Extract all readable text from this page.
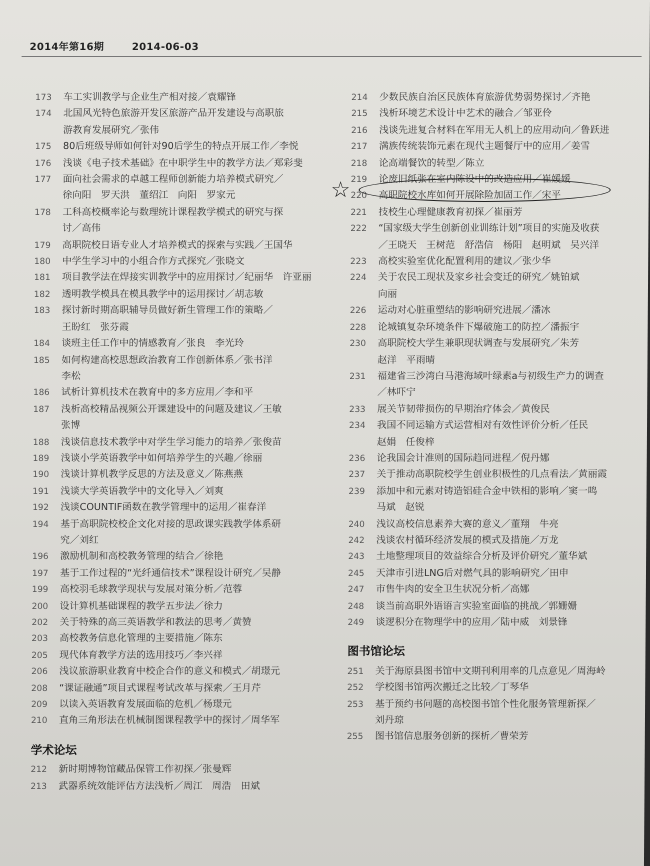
2014年第16期	2014-06-03
173	车工实训教学与企业生产相对接／袁耀锋
174	北国风光特色旅游开发区旅游产品开发建设与高职旅
游教育发展研究／张伟
175	80后班级导师如何针对90后学生的特点开展工作／李悦
176	浅谈《电子技术基础》在中职学生中的教学方法／郑彩斐
177	面向社会需求的卓越工程师创新能力培养模式研究／
徐向阳　罗天洪　董绍江　向阳　罗家元
178	工科高校概率论与数理统计课程教学模式的研究与探
讨／高伟
179	高职院校日语专业人才培养模式的探索与实践／王国华
180	中学生学习中的小组合作方式探究／张晓文
181	项目教学法在焊接实训教学中的应用探讨／纪丽华　许亚丽
182	透明教学模具在模具教学中的运用探讨／胡志敏
183	探讨新时期高职辅导员做好新生管理工作的策略／
王盼红　张芬霞
184	谈班主任工作中的情感教育／张良　李光玲
185	如何构建高校思想政治教育工作创新体系／张书洋
李松
186	试析计算机技术在教育中的多方应用／李和平
187	浅析高校精品视频公开课建设中的问题及建议／王敏
张博
188	浅谈信息技术教学中对学生学习能力的培养／张俊苗
189	浅谈小学英语教学中如何培养学生的兴趣／徐丽
190	浅谈计算机教学反思的方法及意义／陈燕燕
191	浅谈大学英语教学中的文化导入／刘爽
192	浅谈COUNTIF函数在教学管理中的运用／崔春洋
194	基于高职院校校企文化对接的思政课实践教学体系研
究／刘红
196	激励机制和高校教务管理的结合／徐艳
197	基于工作过程的“光纤通信技术”课程设计研究／吴静
199	高校羽毛球教学现状与发展对策分析／范蓉
200	设计算机基础课程的教学五步法／徐力
202	关于特殊的高三英语教学和教法的思考／黄赞
203	高校教务信息化管理的主要措施／陈东
205	现代体育教学方法的选用技巧／李兴祥
206	浅议旅游职业教育中校企合作的意义和模式／胡璟元
208	“课证融通”项目式课程考试改革与探索／王月芹
209	以读入英语教育发展面临的危机／杨璟元
210	直角三角形法在机械制图课程教学中的探讨／周华军
学术论坛
212	新时期博物馆藏品保管工作初探／张曼辉
213	武器系统效能评估方法浅析／周江　周浩　田斌
214	少数民族自治区民族体育旅游优势弱势探讨／齐艳
215	浅析环境艺术设计中艺术的融合／邹亚伶
216	浅谈先进复合材料在军用无人机上的应用动向／鲁跃进
217	满族传统装饰元素在现代主题餐厅中的应用／姜雪
218	论高端餐饮的转型／陈立
219	论废旧纸张在室内陈设中的改造应用／崔媛媛
220	高职院校水库如何开展除险加固工作／宋平
221	技校生心理健康教育初探／崔丽芳
222	“国家级大学生创新创业训练计划”项目的实施及收获
／王晓天　王树范　舒浩信　杨阳　赵明斌　吴兴洋
223	高校实验室优化配置利用的建议／张少华
224	关于农民工现状及家乡社会变迁的研究／姚铂斌
向丽
226	运动对心脏重塑结的影响研究进展／潘冰
228	论城镇复杂环境条件下爆破施工的防控／潘振宇
230	高职院校大学生兼职现状调查与发展研究／朱芳
赵洋　平雨晴
231	福建省三沙湾白马港海域叶绿素a与初级生产力的调查
／林吓宁
233	展关节韧带损伤的早期治疗体会／黄俊民
234	我国不同运输方式运营相对有效性评价分析／任民
赵娟　任俊梓
236	论我国会计准则的国际趋同进程／倪丹娜
237	关于推动高职院校学生创业积极性的几点看法／黄丽霞
239	添加中和元素对铸造铝硅合金中铁相的影响／窦一鸣
马斌　赵锐
240	浅议高校信息素养大赛的意义／董翔　牛亮
242	浅谈农村循环经济发展的模式及措施／万龙
243	土地整理项目的效益综合分析及评价研究／董华斌
245	天津市引进LNG后对燃气具的影响研究／田申
247	市售牛肉的安全卫生状况分析／高娜
248	谈当前高职外语语言实验室面临的挑战／郭姗姗
249	谈逻积分在物理学中的应用／陆中威　刘景锋
图书馆论坛
251	关于海原县图书馆中文期刊利用率的几点意见／周海岭
252	学校图书馆两次搬迁之比较／丁琴华
253	基于预约书问题的高校图书馆个性化服务管理新探／
刘丹琼
255	图书馆信息服务创新的探析／曹荣芳
☆
